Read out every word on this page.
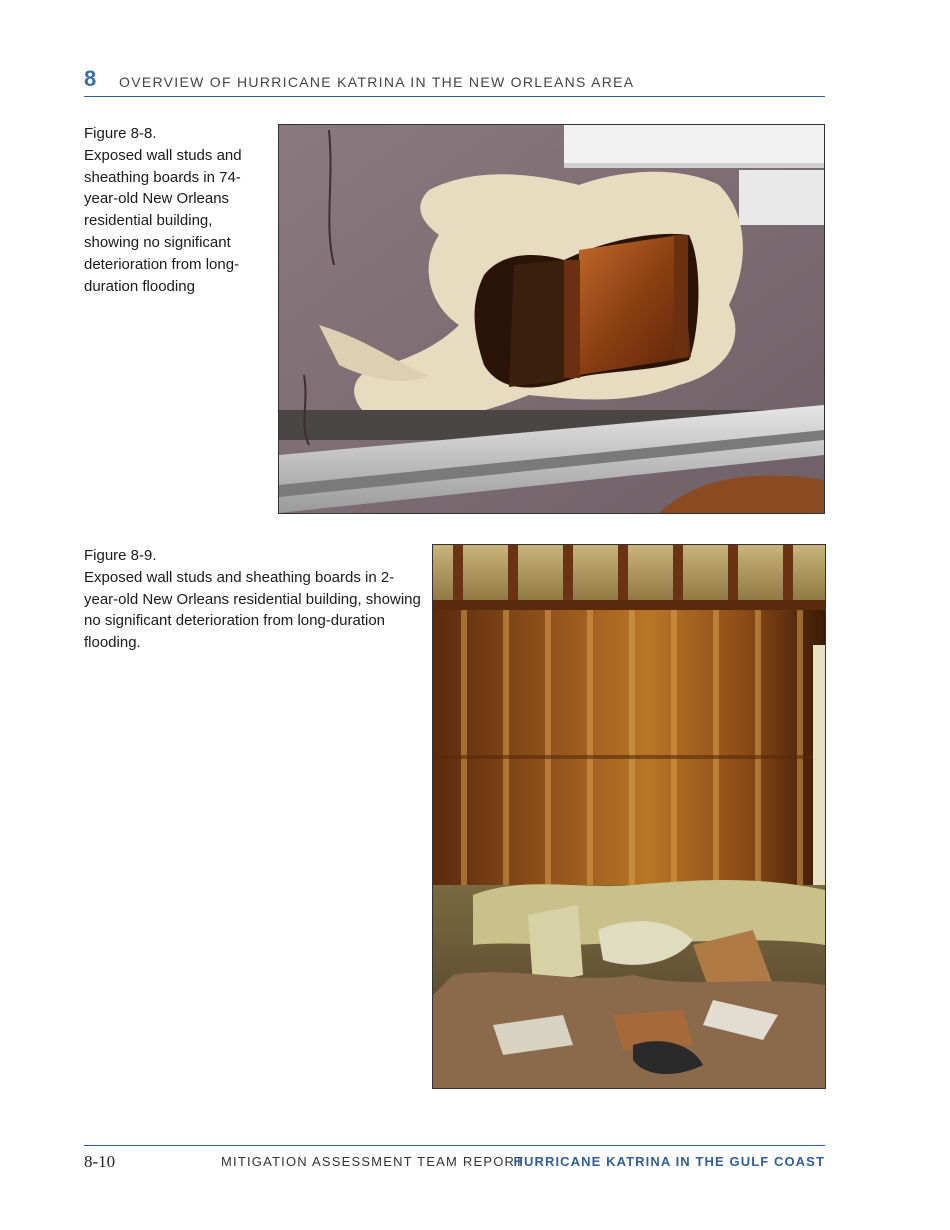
8 OVERVIEW OF HURRICANE KATRINA IN THE NEW ORLEANS AREA
Figure 8-8.
Exposed wall studs and
sheathing boards in 74-
year-old New Orleans
residential building,
showing no significant
deterioration from long-
duration flooding
Figure 8-9.
Exposed wall studs and sheathing boards in 2-
year-old New Orleans residential building, showing
no significant deterioration from long-duration
flooding.
8-10	MITIGATION ASSESSMENT TEAM REPORT
HURRICANE KATRINA IN THE GULF COAST
